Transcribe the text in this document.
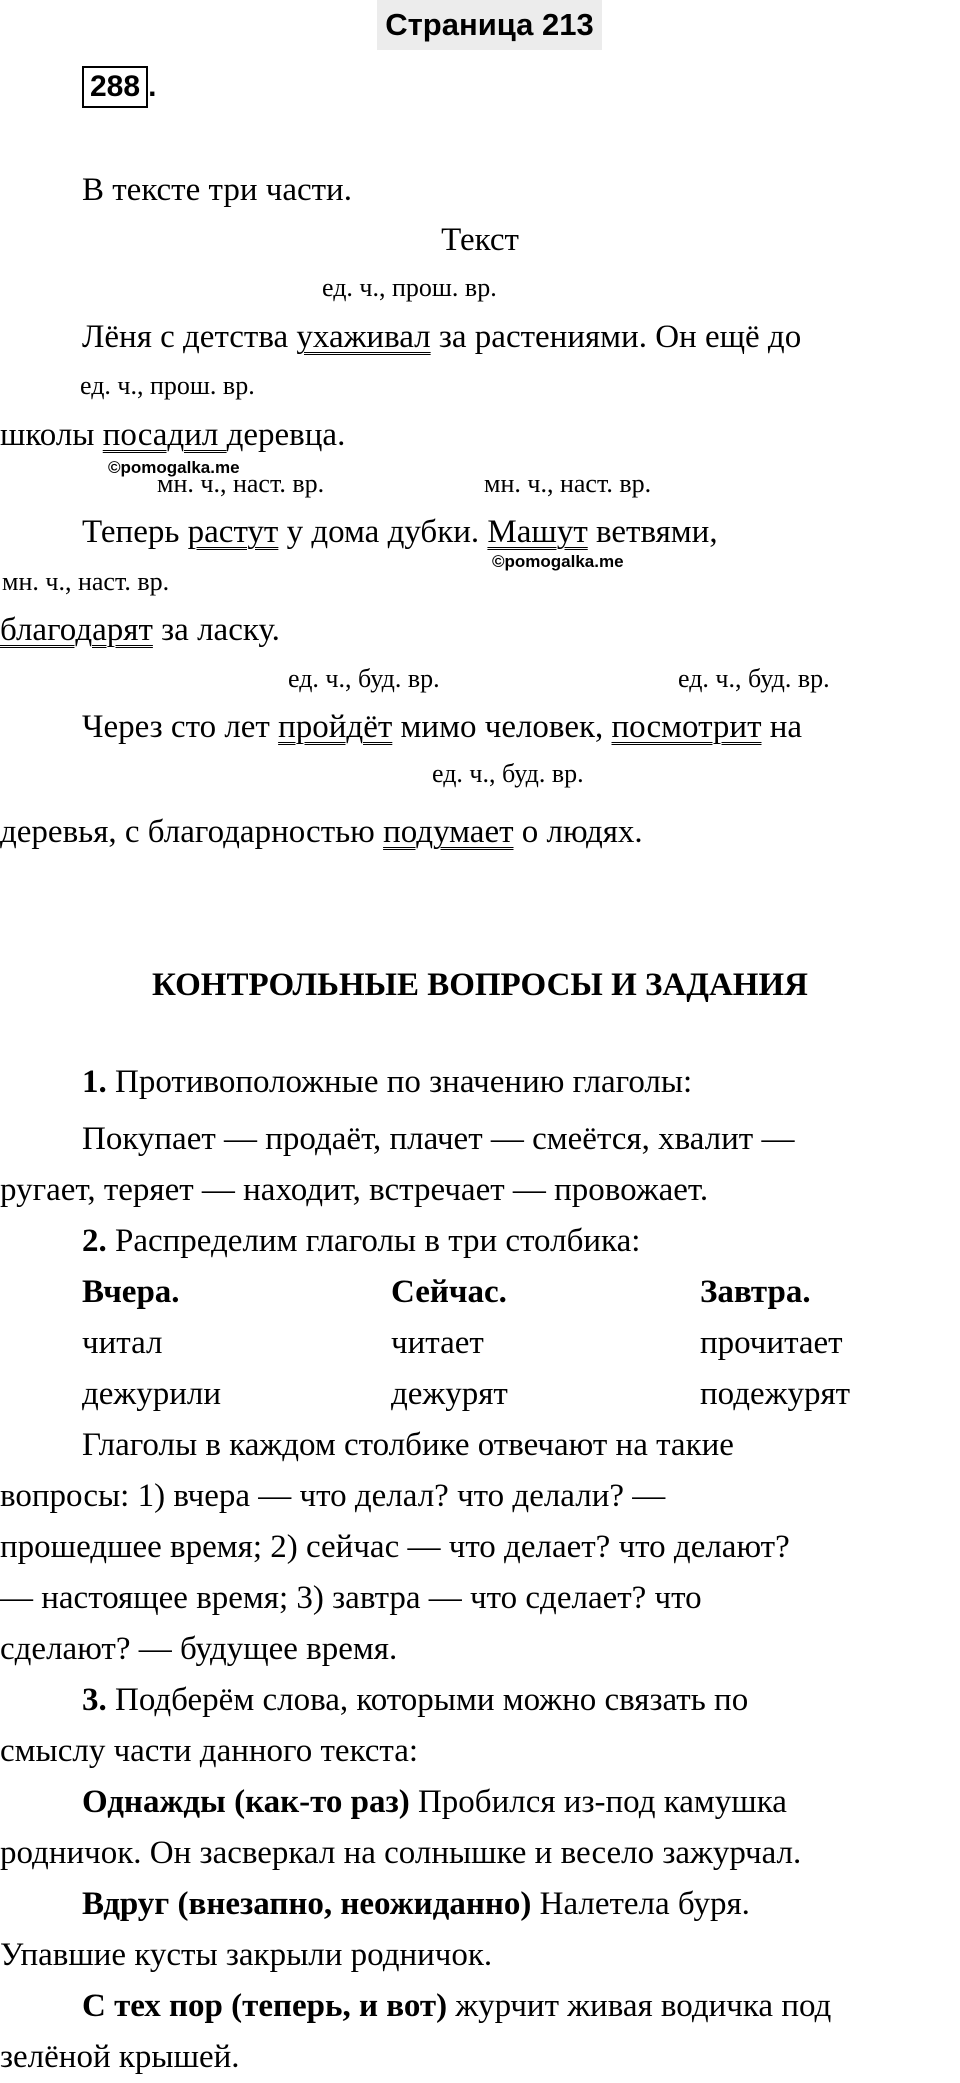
Страница 213
288 .
В тексте три части.
Текст
ед. ч., прош. вр.
Лёня с детства ухаживал за растениями. Он ещё до
ед. ч., прош. вр.
школы посадил деревца.
©pomogalka.me
мн. ч., наст. вр.	мн. ч., наст. вр.
Теперь растут у дома дубки. Машут ветвями,
©pomogalka.me
мн. ч., наст. вр.
благодарят за ласку.
ед. ч., буд. вр.	ед. ч., буд. вр.
Через сто лет пройдёт мимо человек, посмотрит на
ед. ч., буд. вр.
деревья, с благодарностью подумает о людях.
КОНТРОЛЬНЫЕ ВОПРОСЫ И ЗАДАНИЯ
1. Противоположные по значению глаголы:
Покупает — продаёт, плачет — смеётся, хвалит —
ругает, теряет — находит, встречает — провожает.
2. Распределим глаголы в три столбика:
Вчера.	Сейчас.	Завтра.
читал	читает	прочитает
дежурили	дежурят	подежурят
Глаголы в каждом столбике отвечают на такие
вопросы: 1) вчера — что делал? что делали? —
прошедшее время; 2) сейчас — что делает? что делают?
— настоящее время; 3) завтра — что сделает? что
сделают? — будущее время.
3. Подберём слова, которыми можно связать по
смыслу части данного текста:
Однажды (как-то раз) Пробился из-под камушка
родничок. Он засверкал на солнышке и весело зажурчал.
Вдруг (внезапно, неожиданно) Налетела буря.
Упавшие кусты закрыли родничок.
С тех пор (теперь, и вот) журчит живая водичка под
зелёной крышей.
